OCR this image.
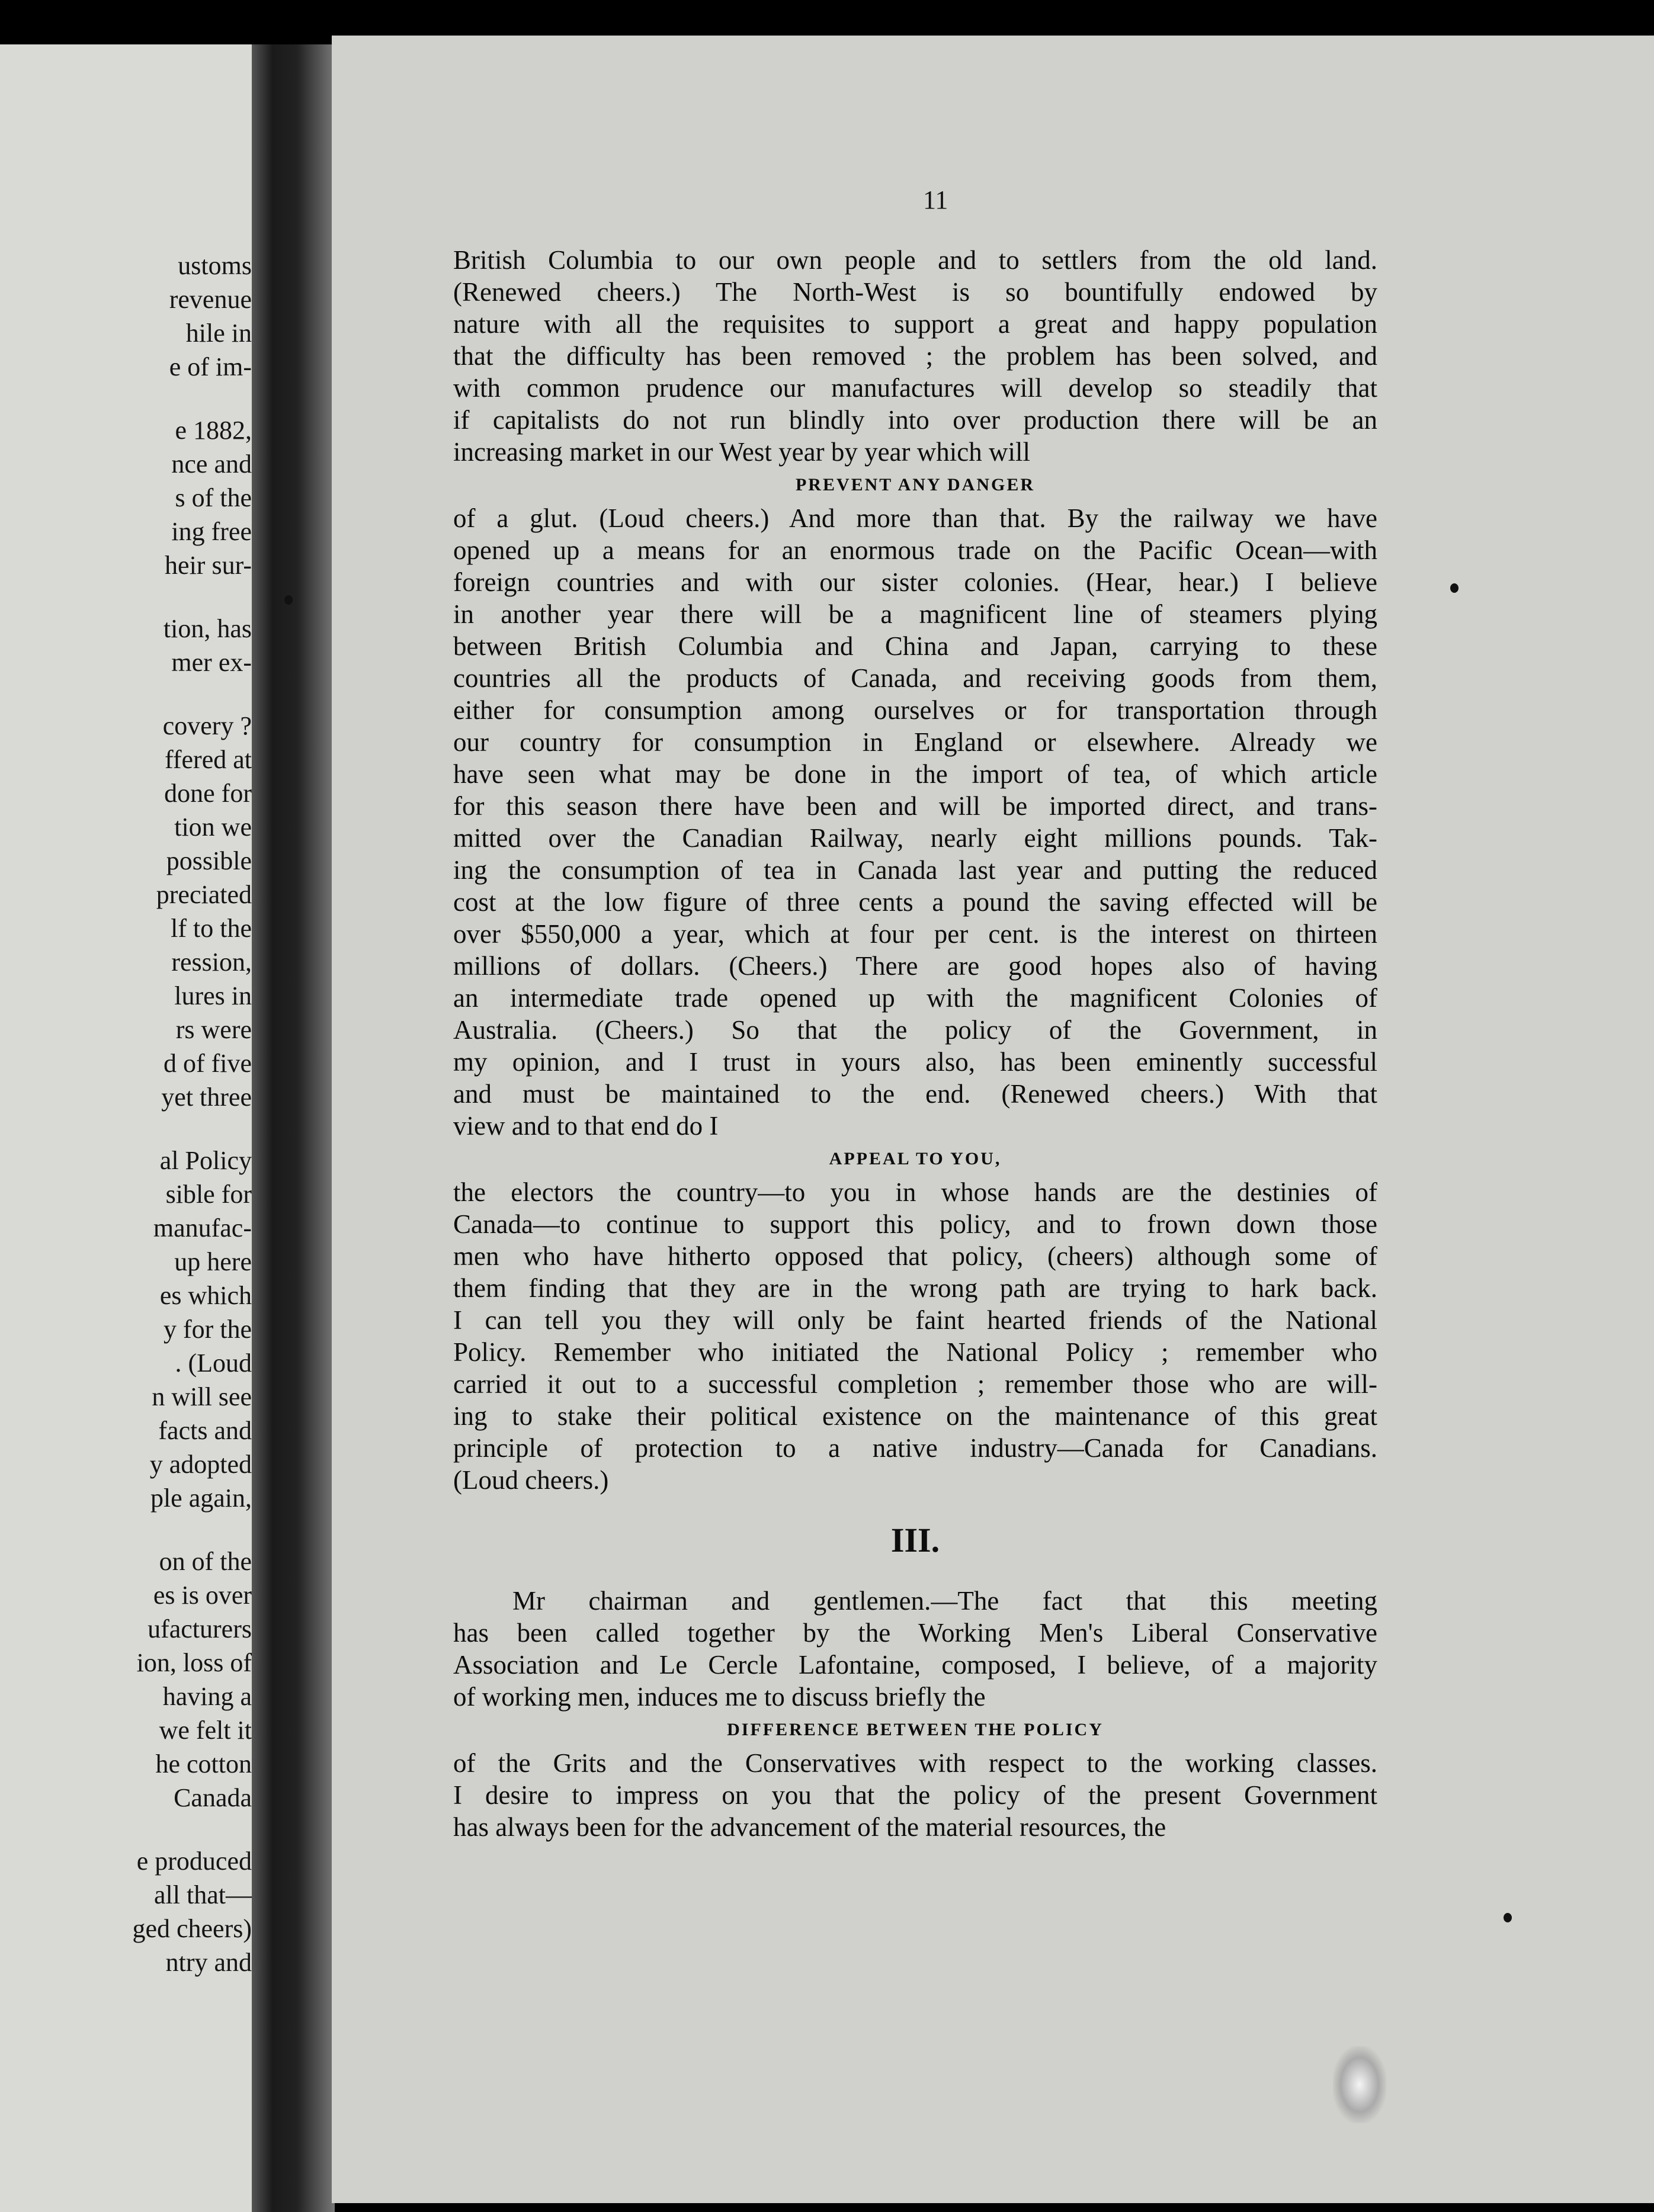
ustoms
revenue
hile in
e of im-
e 1882,
nce and
s of the
ing free
heir sur-
tion, has
mer ex-
covery ?
ffered at
done for
tion we
possible
preciated
lf to the
ression,
lures in
rs were
d of five
yet three
al Policy
sible for
manufac-
up here
es which
y for the
. (Loud
n will see
facts and
y adopted
ple again,
on of the
es is over
ufacturers
ion, loss of
having a
we felt it
he cotton
Canada
e produced
all that—
ged cheers)
ntry and
11
British Columbia to our own people and to settlers from the old land.
(Renewed cheers.) The North-West is so bountifully endowed by
nature with all the requisites to support a great and happy population
that the difficulty has been removed ; the problem has been solved, and
with common prudence our manufactures will develop so steadily that
if capitalists do not run blindly into over production there will be an
increasing market in our West year by year which will
PREVENT ANY DANGER
of a glut. (Loud cheers.) And more than that. By the railway we have
opened up a means for an enormous trade on the Pacific Ocean—with
foreign countries and with our sister colonies. (Hear, hear.) I believe
in another year there will be a magnificent line of steamers plying
between British Columbia and China and Japan, carrying to these
countries all the products of Canada, and receiving goods from them,
either for consumption among ourselves or for transportation through
our country for consumption in England or elsewhere. Already we
have seen what may be done in the import of tea, of which article
for this season there have been and will be imported direct, and trans-
mitted over the Canadian Railway, nearly eight millions pounds. Tak-
ing the consumption of tea in Canada last year and putting the reduced
cost at the low figure of three cents a pound the saving effected will be
over $550,000 a year, which at four per cent. is the interest on thirteen
millions of dollars. (Cheers.) There are good hopes also of having
an intermediate trade opened up with the magnificent Colonies of
Australia. (Cheers.) So that the policy of the Government, in
my opinion, and I trust in yours also, has been eminently successful
and must be maintained to the end. (Renewed cheers.) With that
view and to that end do I
APPEAL TO YOU,
the electors the country—to you in whose hands are the destinies of
Canada—to continue to support this policy, and to frown down those
men who have hitherto opposed that policy, (cheers) although some of
them finding that they are in the wrong path are trying to hark back.
I can tell you they will only be faint hearted friends of the National
Policy. Remember who initiated the National Policy ; remember who
carried it out to a successful completion ; remember those who are will-
ing to stake their political existence on the maintenance of this great
principle of protection to a native industry—Canada for Canadians.
(Loud cheers.)
III.
Mr chairman and gentlemen.—The fact that this meeting
has been called together by the Working Men's Liberal Conservative
Association and Le Cercle Lafontaine, composed, I believe, of a majority
of working men, induces me to discuss briefly the
DIFFERENCE BETWEEN THE POLICY
of the Grits and the Conservatives with respect to the working classes.
I desire to impress on you that the policy of the present Government
has always been for the advancement of the material resources, the
